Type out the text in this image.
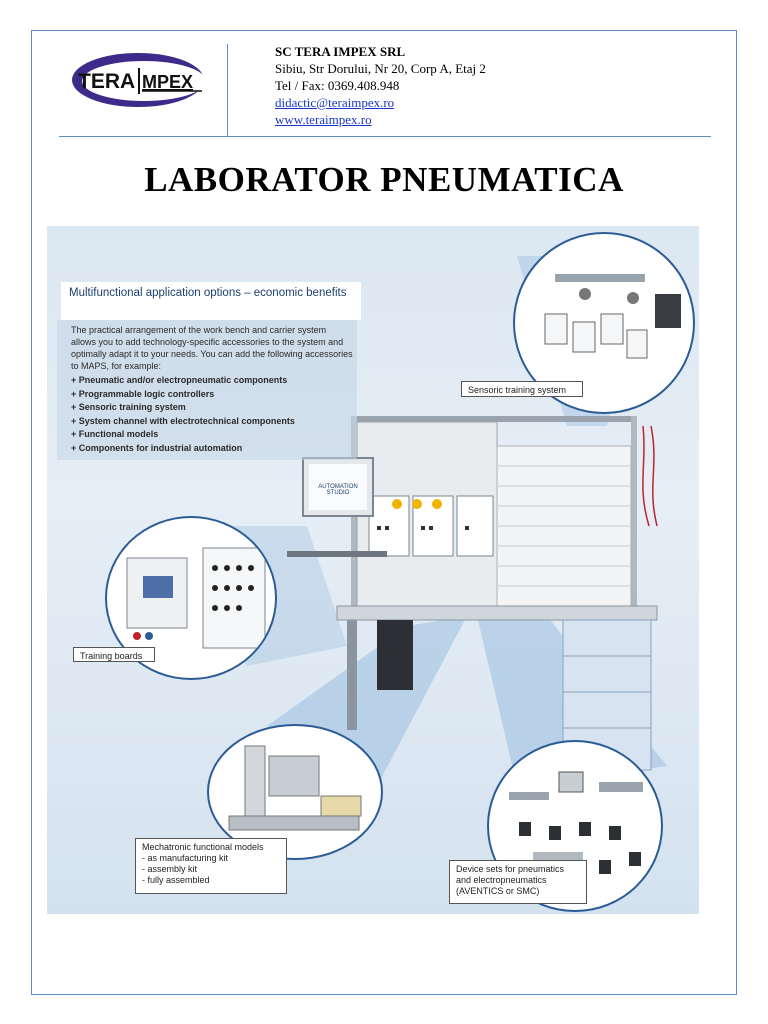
TERA MPEX
SC TERA IMPEX SRL
Sibiu, Str Dorului, Nr 20, Corp A, Etaj 2
Tel / Fax: 0369.408.948
didactic@teraimpex.ro
www.teraimpex.ro
LABORATOR PNEUMATICA
Multifunctional application options – economic benefits
The practical arrangement of the work bench and carrier system allows you to add technology-specific accessories to the system and optimally adapt it to your needs. You can add the following accessories to MAPS, for example:
+ Pneumatic and/or electropneumatic components
+ Programmable logic controllers
+ Sensoric training system
+ System channel with electrotechnical components
+ Functional models
+ Components for industrial automation
AUTOMATION STUDIO
Sensoric training system
Training boards
Mechatronic functional models
- as manufacturing kit
- assembly kit
- fully assembled
Device sets for pneumatics
and electropneumatics
(AVENTICS or SMC)
